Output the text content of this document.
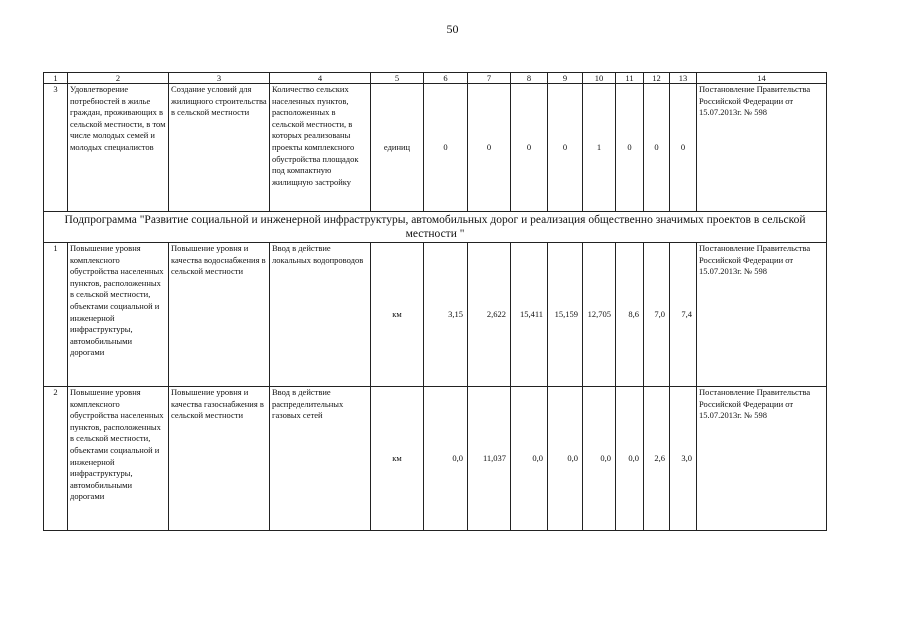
50
1	2	3	4	5	6	7	8	9	10	11	12	13	14
3	Удовлетворение потребностей в жилье граждан, проживающих в сельской местности, в том числе молодых семей и молодых специалистов	Создание условий для жилищного строительства в сельской местности	Количество сельских населенных пунктов, расположенных в сельской местности, в которых реализованы проекты комплексного обустройства площадок под компактную жилищную застройку	единиц	0	0	0	0	1	0	0	0	Постановление Правительства Российской Федерации от 15.07.2013г. № 598
Подпрограмма "Развитие социальной и инженерной инфраструктуры, автомобильных дорог и реализация общественно значимых проектов в сельской местности "													
1	Повышение уровня комплексного обустройства населенных пунктов, расположенных в сельской местности, объектами социальной и инженерной инфраструктуры, автомобильными дорогами	Повышение уровня и качества водоснабжения в сельской местности	Ввод в действие локальных водопроводов	км	3,15	2,622	15,411	15,159	12,705	8,6	7,0	7,4	Постановление Правительства Российской Федерации от 15.07.2013г. № 598
2	Повышение уровня комплексного обустройства населенных пунктов, расположенных в сельской местности, объектами социальной и инженерной инфраструктуры, автомобильными дорогами	Повышение уровня и качества газоснабжения в сельской местности	Ввод в действие распределительных газовых сетей	км	0,0	11,037	0,0	0,0	0,0	0,0	2,6	3,0	Постановление Правительства Российской Федерации от 15.07.2013г. № 598
